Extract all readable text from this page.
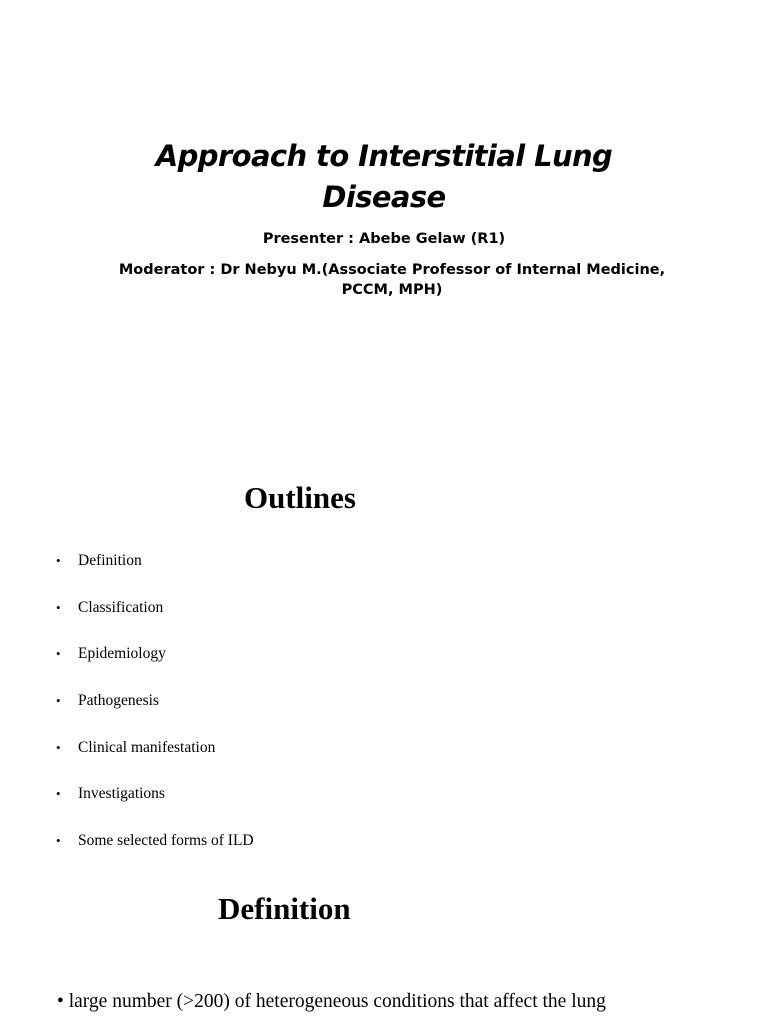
Approach to Interstitial Lung
Disease
Presenter : Abebe Gelaw (R1)
Moderator : Dr Nebyu M.(Associate Professor of Internal Medicine,
PCCM, MPH)
Outlines
• Definition
• Classification
• Epidemiology
• Pathogenesis
• Clinical manifestation
• Investigations
• Some selected forms of ILD
Definition
• large number (>200) of heterogeneous conditions that affect the lung
